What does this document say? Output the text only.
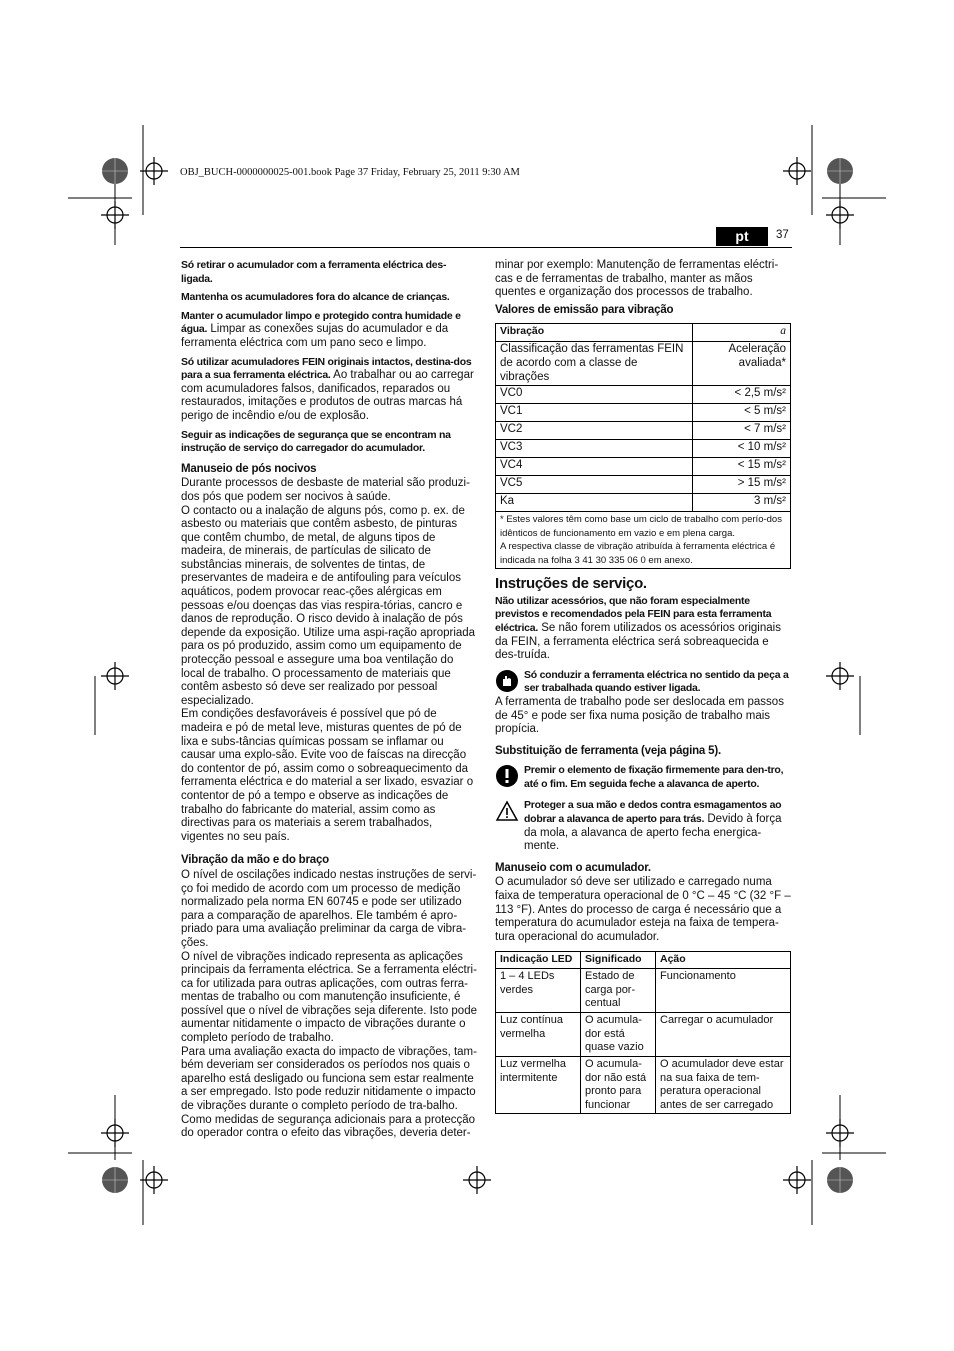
OBJ_BUCH-0000000025-001.book Page 37 Friday, February 25, 2011 9:30 AM
pt	37

Só retirar o acumulador com a ferramenta eléctrica des-ligada.

Mantenha os acumuladores fora do alcance de crianças.

Manter o acumulador limpo e protegido contra humidade e água. Limpar as conexões sujas do acumulador e da ferramenta eléctrica com um pano seco e limpo.

Só utilizar acumuladores FEIN originais intactos, destina-dos para a sua ferramenta eléctrica. Ao trabalhar ou ao carregar com acumuladores falsos, danificados, reparados ou restaurados, imitações e produtos de outras marcas há perigo de incêndio e/ou de explosão.

Seguir as indicações de segurança que se encontram na instrução de serviço do carregador do acumulador.

Manuseio de pós nocivos

Durante processos de desbaste de material são produzi-dos pós que podem ser nocivos à saúde.

O contacto ou a inalação de alguns pós, como p. ex. de asbesto ou materiais que contêm asbesto, de pinturas que contêm chumbo, de metal, de alguns tipos de madeira, de minerais, de partículas de silicato de substâncias minerais, de solventes de tintas, de preservantes de madeira e de antifouling para veículos aquáticos, podem provocar reac-ções alérgicas em pessoas e/ou doenças das vias respira-tórias, cancro e danos de reprodução. O risco devido à inalação de pós depende da exposição. Utilize uma aspi-ração apropriada para os pó produzido, assim como um equipamento de protecção pessoal e assegure uma boa ventilação do local de trabalho. O processamento de materiais que contêm asbesto só deve ser realizado por pessoal especializado.

Em condições desfavoráveis é possível que pó de madeira e pó de metal leve, misturas quentes de pó de lixa e subs-tâncias químicas possam se inflamar ou causar uma explo-são. Evite voo de faíscas na direcção do contentor de pó, assim como o sobreaquecimento da ferramenta eléctrica e do material a ser lixado, esvaziar o contentor de pó a tempo e observe as indicações de trabalho do fabricante do material, assim como as directivas para os materiais a serem trabalhados, vigentes no seu país.

Vibração da mão e do braço

O nível de oscilações indicado nestas instruções de servi-ço foi medido de acordo com um processo de medição normalizado pela norma EN 60745 e pode ser utilizado para a comparação de aparelhos. Ele também é apro-priado para uma avaliação preliminar da carga de vibra-ções.

O nível de vibrações indicado representa as aplicações principais da ferramenta eléctrica. Se a ferramenta eléctri-ca for utilizada para outras aplicações, com outras ferra-mentas de trabalho ou com manutenção insuficiente, é possível que o nível de vibrações seja diferente. Isto pode aumentar nitidamente o impacto de vibrações durante o completo período de trabalho.

Para uma avaliação exacta do impacto de vibrações, tam-bém deveriam ser considerados os períodos nos quais o aparelho está desligado ou funciona sem estar realmente a ser empregado. Isto pode reduzir nitidamente o impacto de vibrações durante o completo período de tra-balho.

Como medidas de segurança adicionais para a protecção do operador contra o efeito das vibrações, deveria deter-

minar por exemplo: Manutenção de ferramentas eléctri-cas e de ferramentas de trabalho, manter as mãos quentes e organização dos processos de trabalho.

Valores de emissão para vibração
Vibração	a
Classificação das ferramentas FEIN de acordo com a classe de vibrações	Aceleração avaliada*
VC0	< 2,5 m/s²
VC1	< 5 m/s²
VC2	< 7 m/s²
VC3	< 10 m/s²
VC4	< 15 m/s²
VC5	> 15 m/s²
Ka	3 m/s²

* Estes valores têm como base um ciclo de trabalho com perío-dos idênticos de funcionamento em vazio e em plena carga.
A respectiva classe de vibração atribuída à ferramenta eléctrica é indicada na folha 3 41 30 335 06 0 em anexo.	
Instruções de serviço.

Não utilizar acessórios, que não foram especialmente previstos e recomendados pela FEIN para esta ferramenta eléctrica. Se não forem utilizados os acessórios originais da FEIN, a ferramenta eléctrica será sobreaquecida e des-truída.

Só conduzir a ferramenta eléctrica no sentido da peça a ser trabalhada quando estiver ligada.

A ferramenta de trabalho pode ser deslocada em passos de 45° e pode ser fixa numa posição de trabalho mais propícia.

Substituição de ferramenta (veja página 5).
Premir o elemento de fixação firmemente para den-tro, até o fim. Em seguida feche a alavanca de aperto.
Proteger a sua mão e dedos contra esmagamentos ao dobrar a alavanca de aperto para trás. Devido à força da mola, a alavanca de aperto fecha energica-mente.
Manuseio com o acumulador.

O acumulador só deve ser utilizado e carregado numa faixa de temperatura operacional de 0 °C – 45 °C (32 °F – 113 °F). Antes do processo de carga é necessário que a temperatura do acumulador esteja na faixa de tempera-tura operacional do acumulador.

Indicação LED	Significado	Ação
1 – 4 LEDs verdes	Estado de carga por-centual	Funcionamento
Luz contínua vermelha	O acumula-dor está quase vazio	Carregar o acumulador
Luz vermelha intermitente	O acumula-dor não está pronto para funcionar	O acumulador deve estar na sua faixa de tem-peratura operacional antes de ser carregado
